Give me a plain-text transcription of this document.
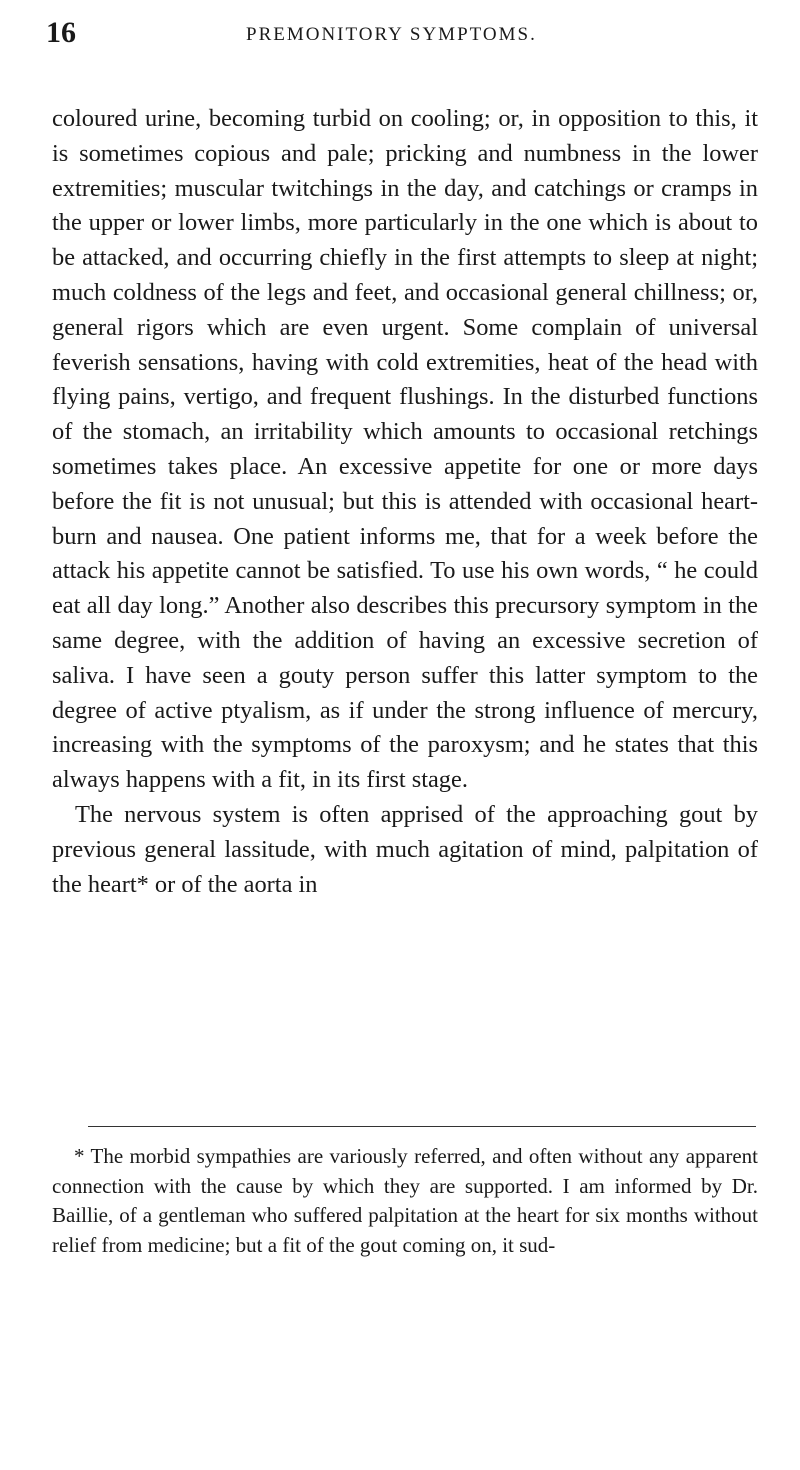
16	PREMONITORY SYMPTOMS.

coloured urine, becoming turbid on cooling; or, in opposition to this, it is sometimes copious and pale; pricking and numbness in the lower extremities; muscular twitchings in the day, and catchings or cramps in the upper or lower limbs, more particularly in the one which is about to be attacked, and occurring chiefly in the first attempts to sleep at night; much coldness of the legs and feet, and occasional general chillness; or, general rigors which are even urgent. Some complain of universal feverish sensations, having with cold extremities, heat of the head with flying pains, vertigo, and frequent flushings. In the disturbed functions of the stomach, an irritability which amounts to occasional retchings sometimes takes place. An excessive appetite for one or more days before the fit is not unusual; but this is attended with occasional heart-burn and nausea. One patient informs me, that for a week before the attack his appetite cannot be satisfied. To use his own words, “ he could eat all day long.” Another also describes this precursory symptom in the same degree, with the addition of having an excessive secretion of saliva. I have seen a gouty person suffer this latter symptom to the degree of active ptyalism, as if under the strong influence of mercury, increasing with the symptoms of the paroxysm; and he states that this always happens with a fit, in its first stage.

The nervous system is often apprised of the approaching gout by previous general lassitude, with much agitation of mind, palpitation of the heart* or of the aorta in

* The morbid sympathies are variously referred, and often without any apparent connection with the cause by which they are supported. I am informed by Dr. Baillie, of a gentleman who suffered palpitation at the heart for six months without relief from medicine; but a fit of the gout coming on, it sud-
